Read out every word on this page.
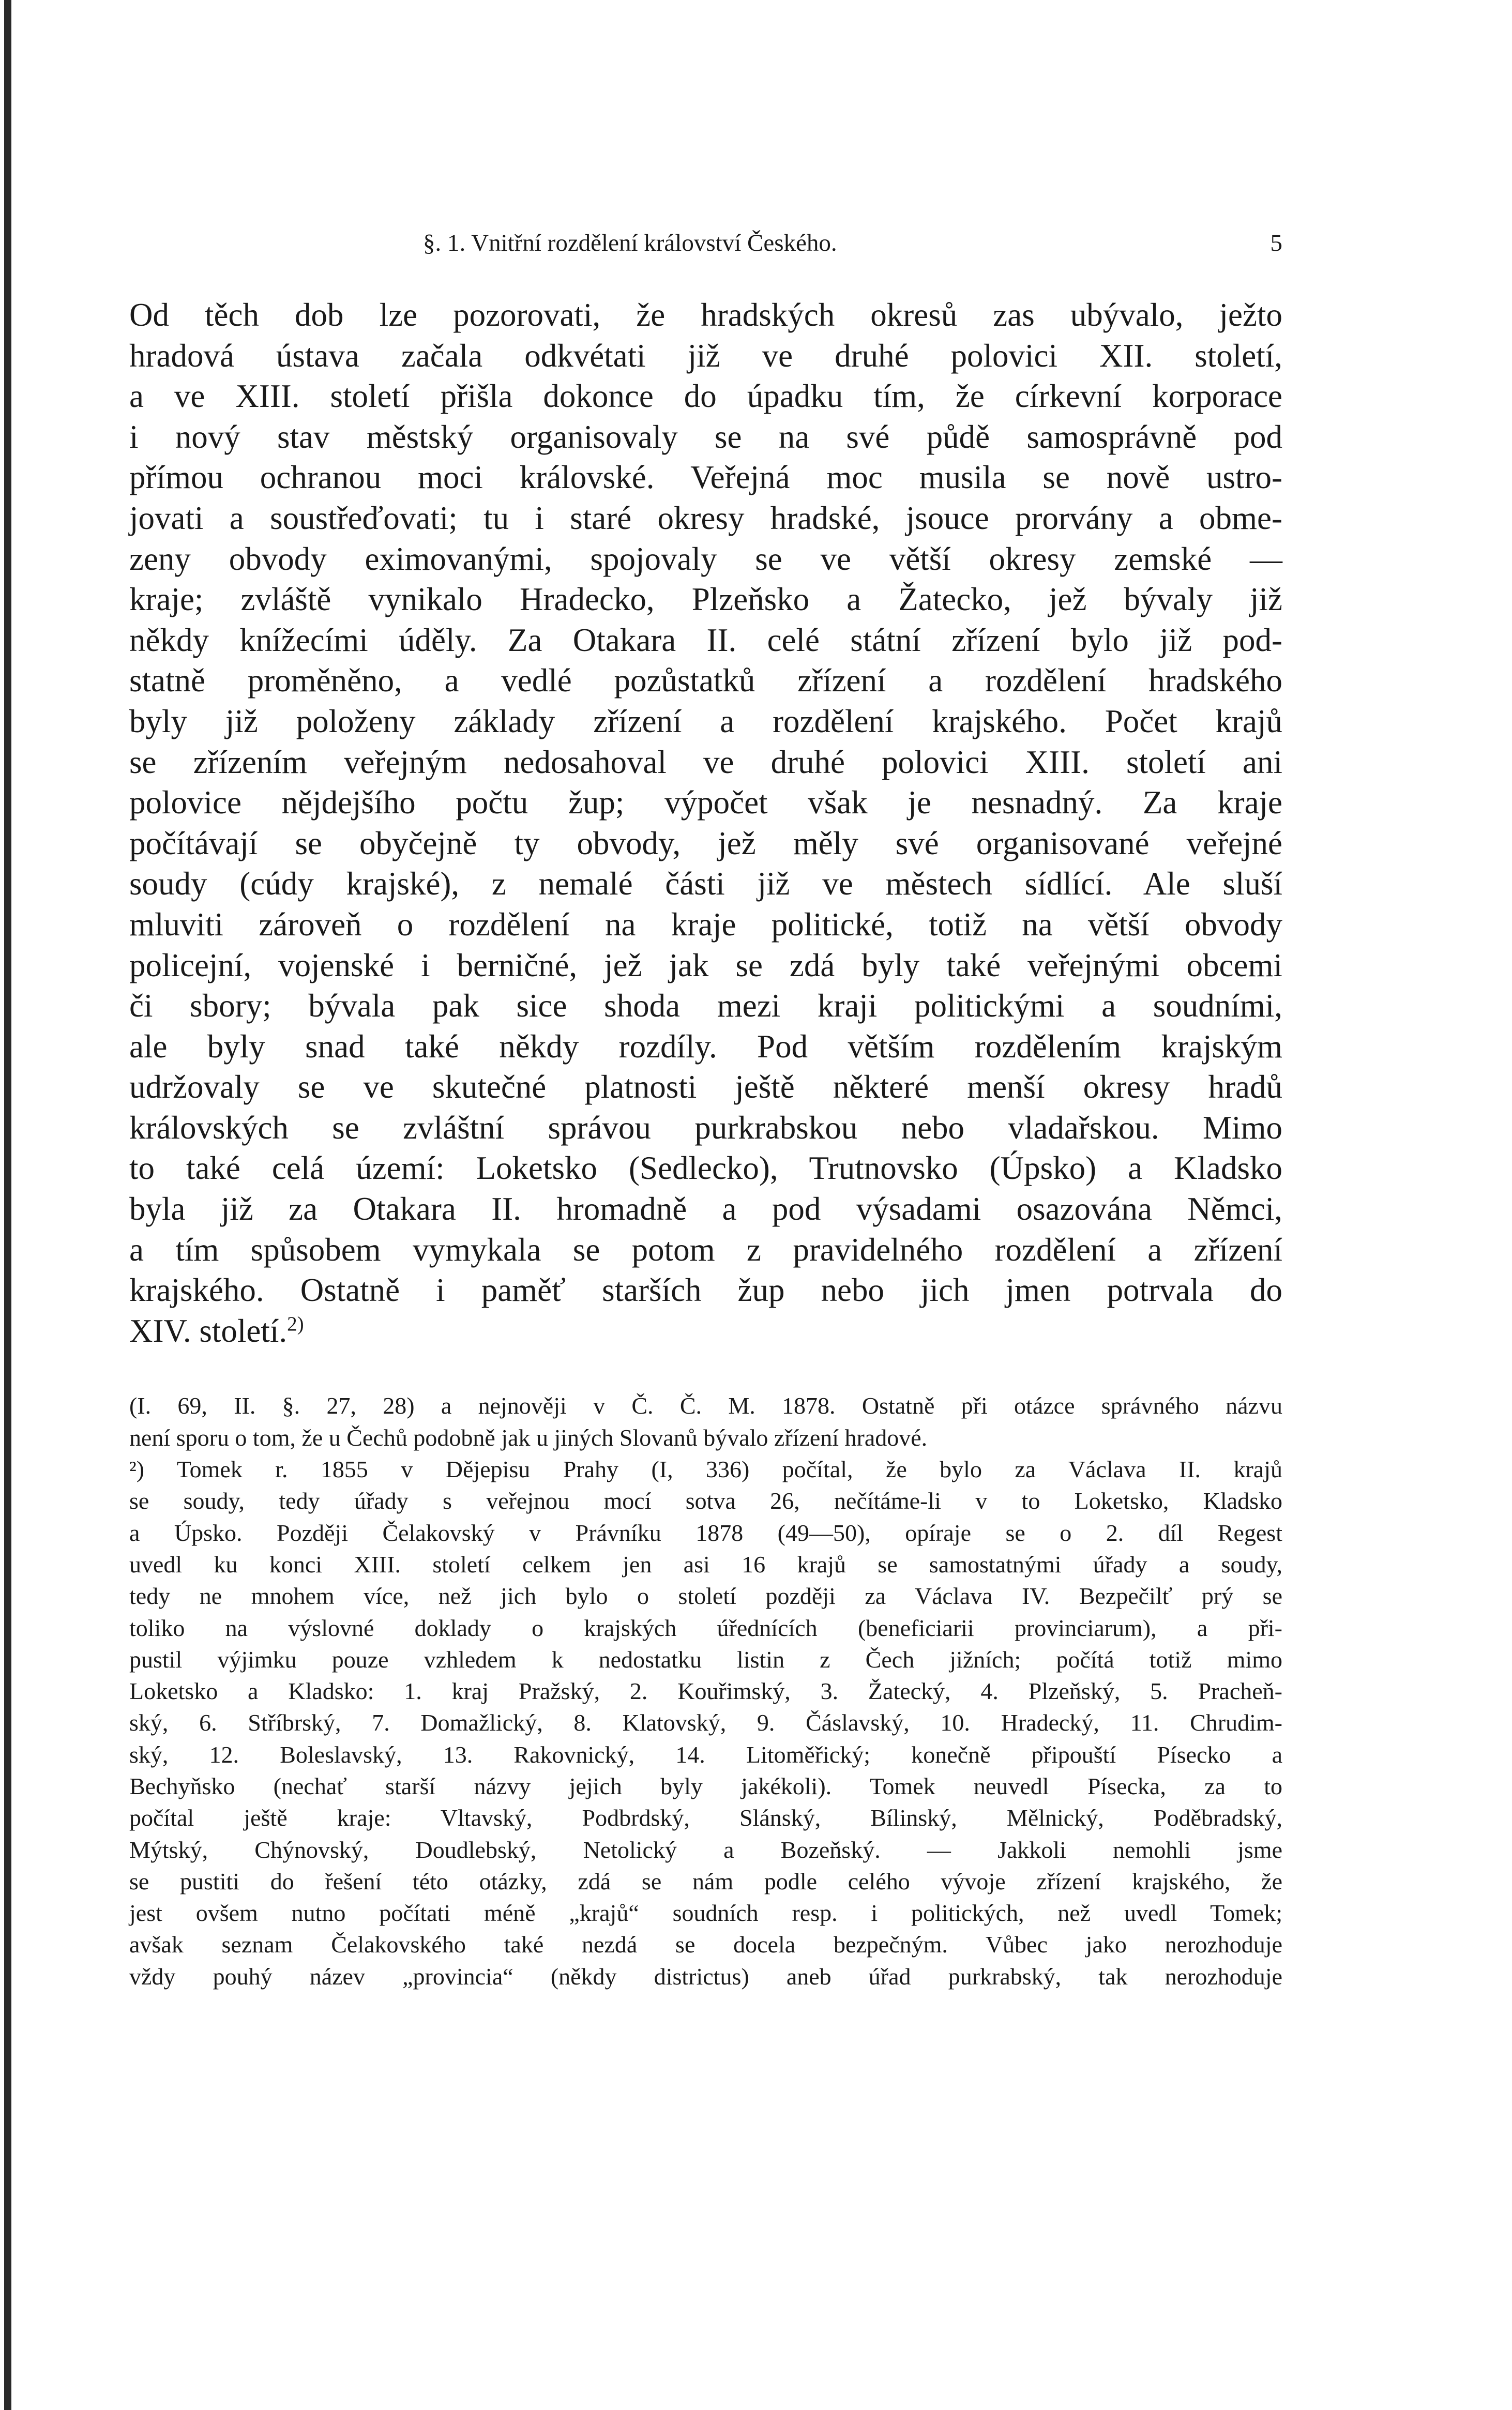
§. 1. Vnitřní rozdělení království Českého.	5
Od těch dob lze pozorovati, že hradských okresů zas ubývalo, ježto
hradová ústava začala odkvétati již ve druhé polovici XII. století,
a ve XIII. století přišla dokonce do úpadku tím, že církevní korporace
i nový stav městský organisovaly se na své půdě samosprávně pod
přímou ochranou moci královské. Veřejná moc musila se nově ustro-
jovati a soustřeďovati; tu i staré okresy hradské, jsouce prorvány a obme-
zeny obvody eximovanými, spojovaly se ve větší okresy zemské —
kraje; zvláště vynikalo Hradecko, Plzeňsko a Žatecko, jež bývaly již
někdy knížecími úděly. Za Otakara II. celé státní zřízení bylo již pod-
statně proměněno, a vedlé pozůstatků zřízení a rozdělení hradského
byly již položeny základy zřízení a rozdělení krajského. Počet krajů
se zřízením veřejným nedosahoval ve druhé polovici XIII. století ani
polovice nějdejšího počtu žup; výpočet však je nesnadný. Za kraje
počítávají se obyčejně ty obvody, jež měly své organisované veřejné
soudy (cúdy krajské), z nemalé části již ve městech sídlící. Ale sluší
mluviti zároveň o rozdělení na kraje politické, totiž na větší obvody
policejní, vojenské i berničné, jež jak se zdá byly také veřejnými obcemi
či sbory; bývala pak sice shoda mezi kraji politickými a soudními,
ale byly snad také někdy rozdíly. Pod větším rozdělením krajským
udržovaly se ve skutečné platnosti ještě některé menší okresy hradů
královských se zvláštní správou purkrabskou nebo vladařskou. Mimo
to také celá území: Loketsko (Sedlecko), Trutnovsko (Úpsko) a Kladsko
byla již za Otakara II. hromadně a pod výsadami osazována Němci,
a tím spůsobem vymykala se potom z pravidelného rozdělení a zřízení
krajského. Ostatně i paměť starších žup nebo jich jmen potrvala do
XIV. století.$^{2)}$
(I. 69, II. §. 27, 28) a nejnověji v Č. Č. M. 1878. Ostatně při otázce správného názvu
není sporu o tom, že u Čechů podobně jak u jiných Slovanů bývalo zřízení hradové.
²) Tomek r. 1855 v Dějepisu Prahy (I, 336) počítal, že bylo za Václava II. krajů
se soudy, tedy úřady s veřejnou mocí sotva 26, nečítáme-li v to Loketsko, Kladsko
a Úpsko. Později Čelakovský v Právníku 1878 (49—50), opíraje se o 2. díl Regest
uvedl ku konci XIII. století celkem jen asi 16 krajů se samostatnými úřady a soudy,
tedy ne mnohem více, než jich bylo o století později za Václava IV. Bezpečilť prý se
toliko na výslovné doklady o krajských úřednících (beneficiarii provinciarum), a při-
pustil výjimku pouze vzhledem k nedostatku listin z Čech jižních; počítá totiž mimo
Loketsko a Kladsko: 1. kraj Pražský, 2. Kouřimský, 3. Žatecký, 4. Plzeňský, 5. Pracheň-
ský, 6. Stříbrský, 7. Domažlický, 8. Klatovský, 9. Čáslavský, 10. Hradecký, 11. Chrudim-
ský, 12. Boleslavský, 13. Rakovnický, 14. Litoměřický; konečně připouští Písecko a
Bechyňsko (nechať starší názvy jejich byly jakékoli). Tomek neuvedl Písecka, za to
počítal ještě kraje: Vltavský, Podbrdský, Slánský, Bílinský, Mělnický, Poděbradský,
Mýtský, Chýnovský, Doudlebský, Netolický a Bozeňský. — Jakkoli nemohli jsme
se pustiti do řešení této otázky, zdá se nám podle celého vývoje zřízení krajského, že
jest ovšem nutno počítati méně „krajů“ soudních resp. i politických, než uvedl Tomek;
avšak seznam Čelakovského také nezdá se docela bezpečným. Vůbec jako nerozhoduje
vždy pouhý název „provincia“ (někdy districtus) aneb úřad purkrabský, tak nerozhoduje
